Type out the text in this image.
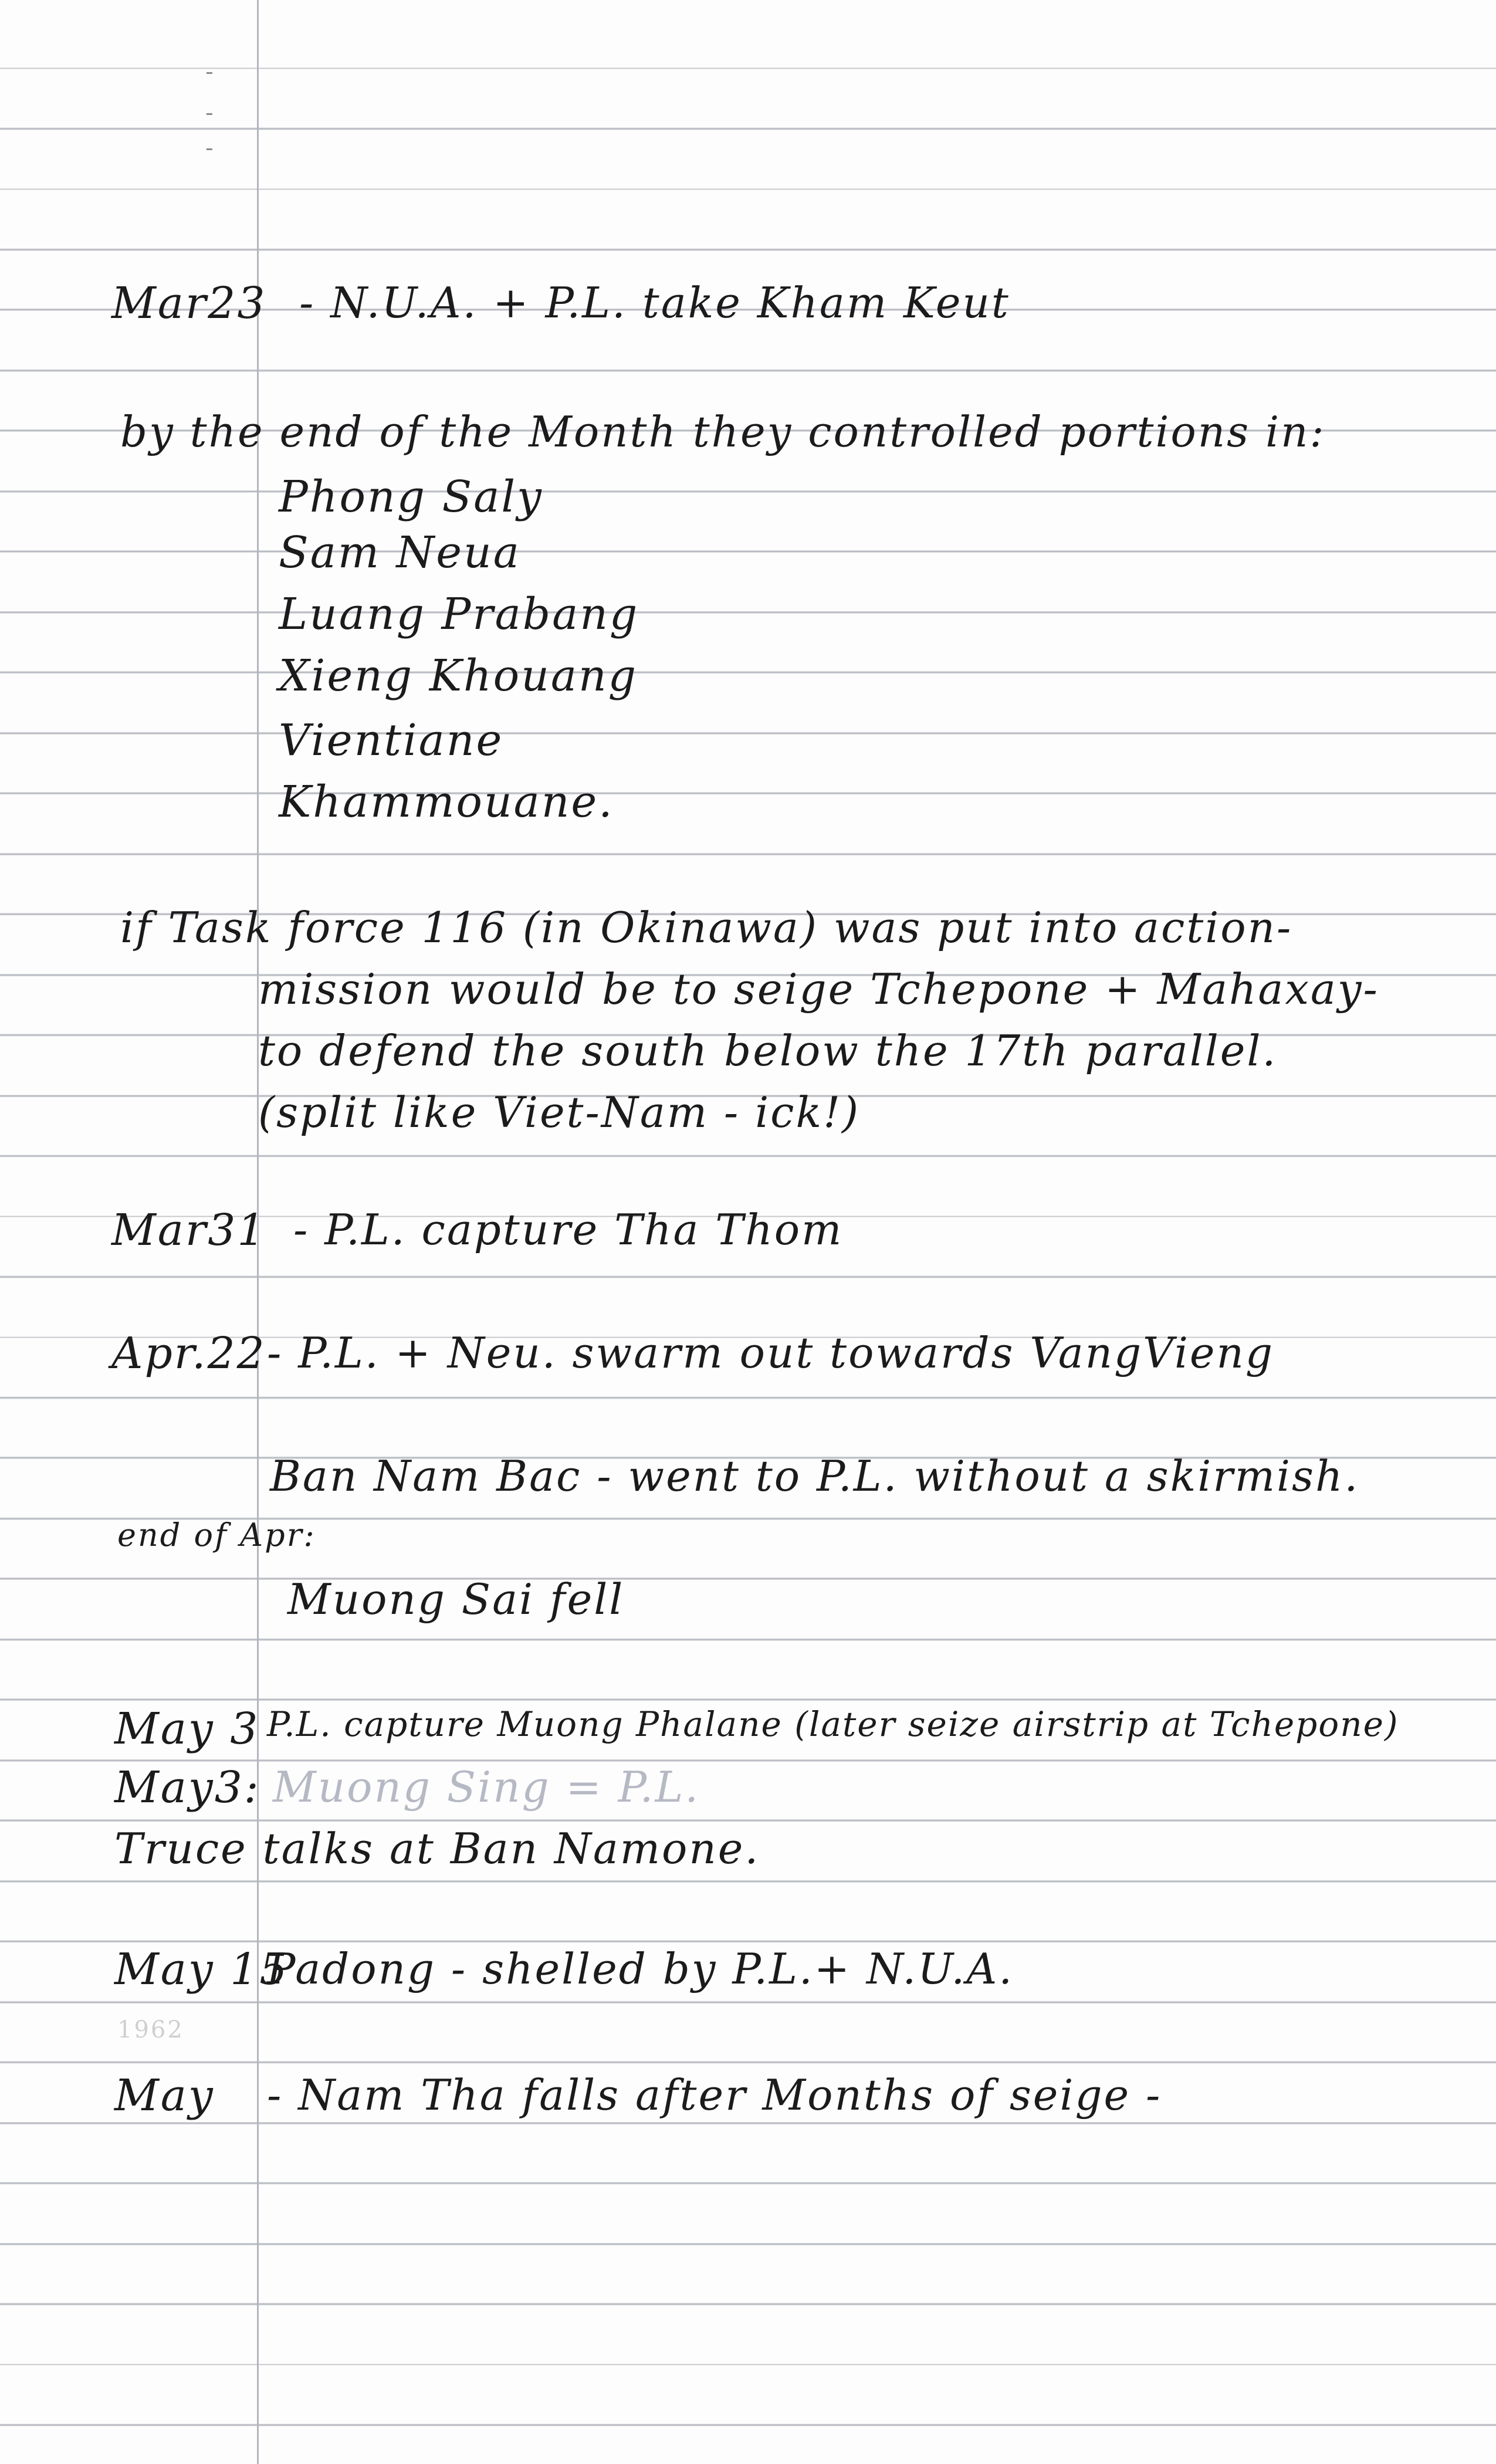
-
-
-
Mar23 - N.U.A. + P.L. take Kham Keut
by the end of the Month they controlled portions in:
Phong Saly
Sam Neua
Luang Prabang
Xieng Khouang
Vientiane
Khammouane.
if Task force 116 (in Okinawa) was put into action-
mission would be to seige Tchepone + Mahaxay-
to defend the south below the 17th parallel.
(split like Viet-Nam - ick!)
Mar31 - P.L. capture Tha Thom
Apr.22 - P.L. + Neu. swarm out towards VangVieng
Ban Nam Bac - went to P.L. without a skirmish.
end of Apr:
Muong Sai fell
May 3 P.L. capture Muong Phalane (later seize airstrip at Tchepone)
May3: Muong Sing = P.L.
Truce talks at Ban Namone.
May 15
Padong - shelled by P.L.+ N.U.A.
1962
May - Nam Tha falls after Months of seige -
